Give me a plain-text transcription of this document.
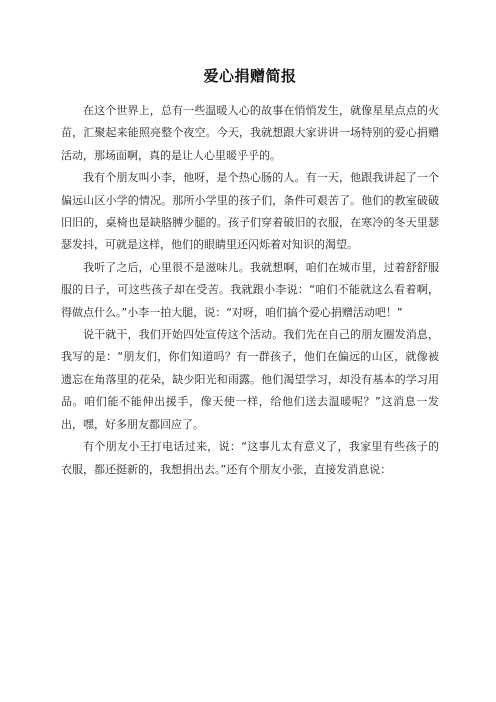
爱心捐赠简报

在这个世界上，总有一些温暖人心的故事在悄悄发生，就像星星点点的火苗，汇聚起来能照亮整个夜空。今天，我就想跟大家讲讲一场特别的爱心捐赠活动，那场面啊，真的是让人心里暖乎乎的。

我有个朋友叫小李，他呀，是个热心肠的人。有一天，他跟我讲起了一个偏远山区小学的情况。那所小学里的孩子们，条件可艰苦了。他们的教室破破旧旧的，桌椅也是缺胳膊少腿的。孩子们穿着破旧的衣服，在寒冷的冬天里瑟瑟发抖，可就是这样，他们的眼睛里还闪烁着对知识的渴望。

我听了之后，心里很不是滋味儿。我就想啊，咱们在城市里，过着舒舒服服的日子，可这些孩子却在受苦。我就跟小李说：“咱们不能就这么看着啊，得做点什么。”小李一拍大腿，说：“对呀，咱们搞个爱心捐赠活动吧！”

说干就干，我们开始四处宣传这个活动。我们先在自己的朋友圈发消息，我写的是：“朋友们，你们知道吗？有一群孩子，他们在偏远的山区，就像被遗忘在角落里的花朵，缺少阳光和雨露。他们渴望学习，却没有基本的学习用品。咱们能不能伸出援手，像天使一样，给他们送去温暖呢？”这消息一发出，嘿，好多朋友都回应了。

有个朋友小王打电话过来，说：“这事儿太有意义了，我家里有些孩子的衣服，都还挺新的，我想捐出去。”还有个朋友小张，直接发消息说：
